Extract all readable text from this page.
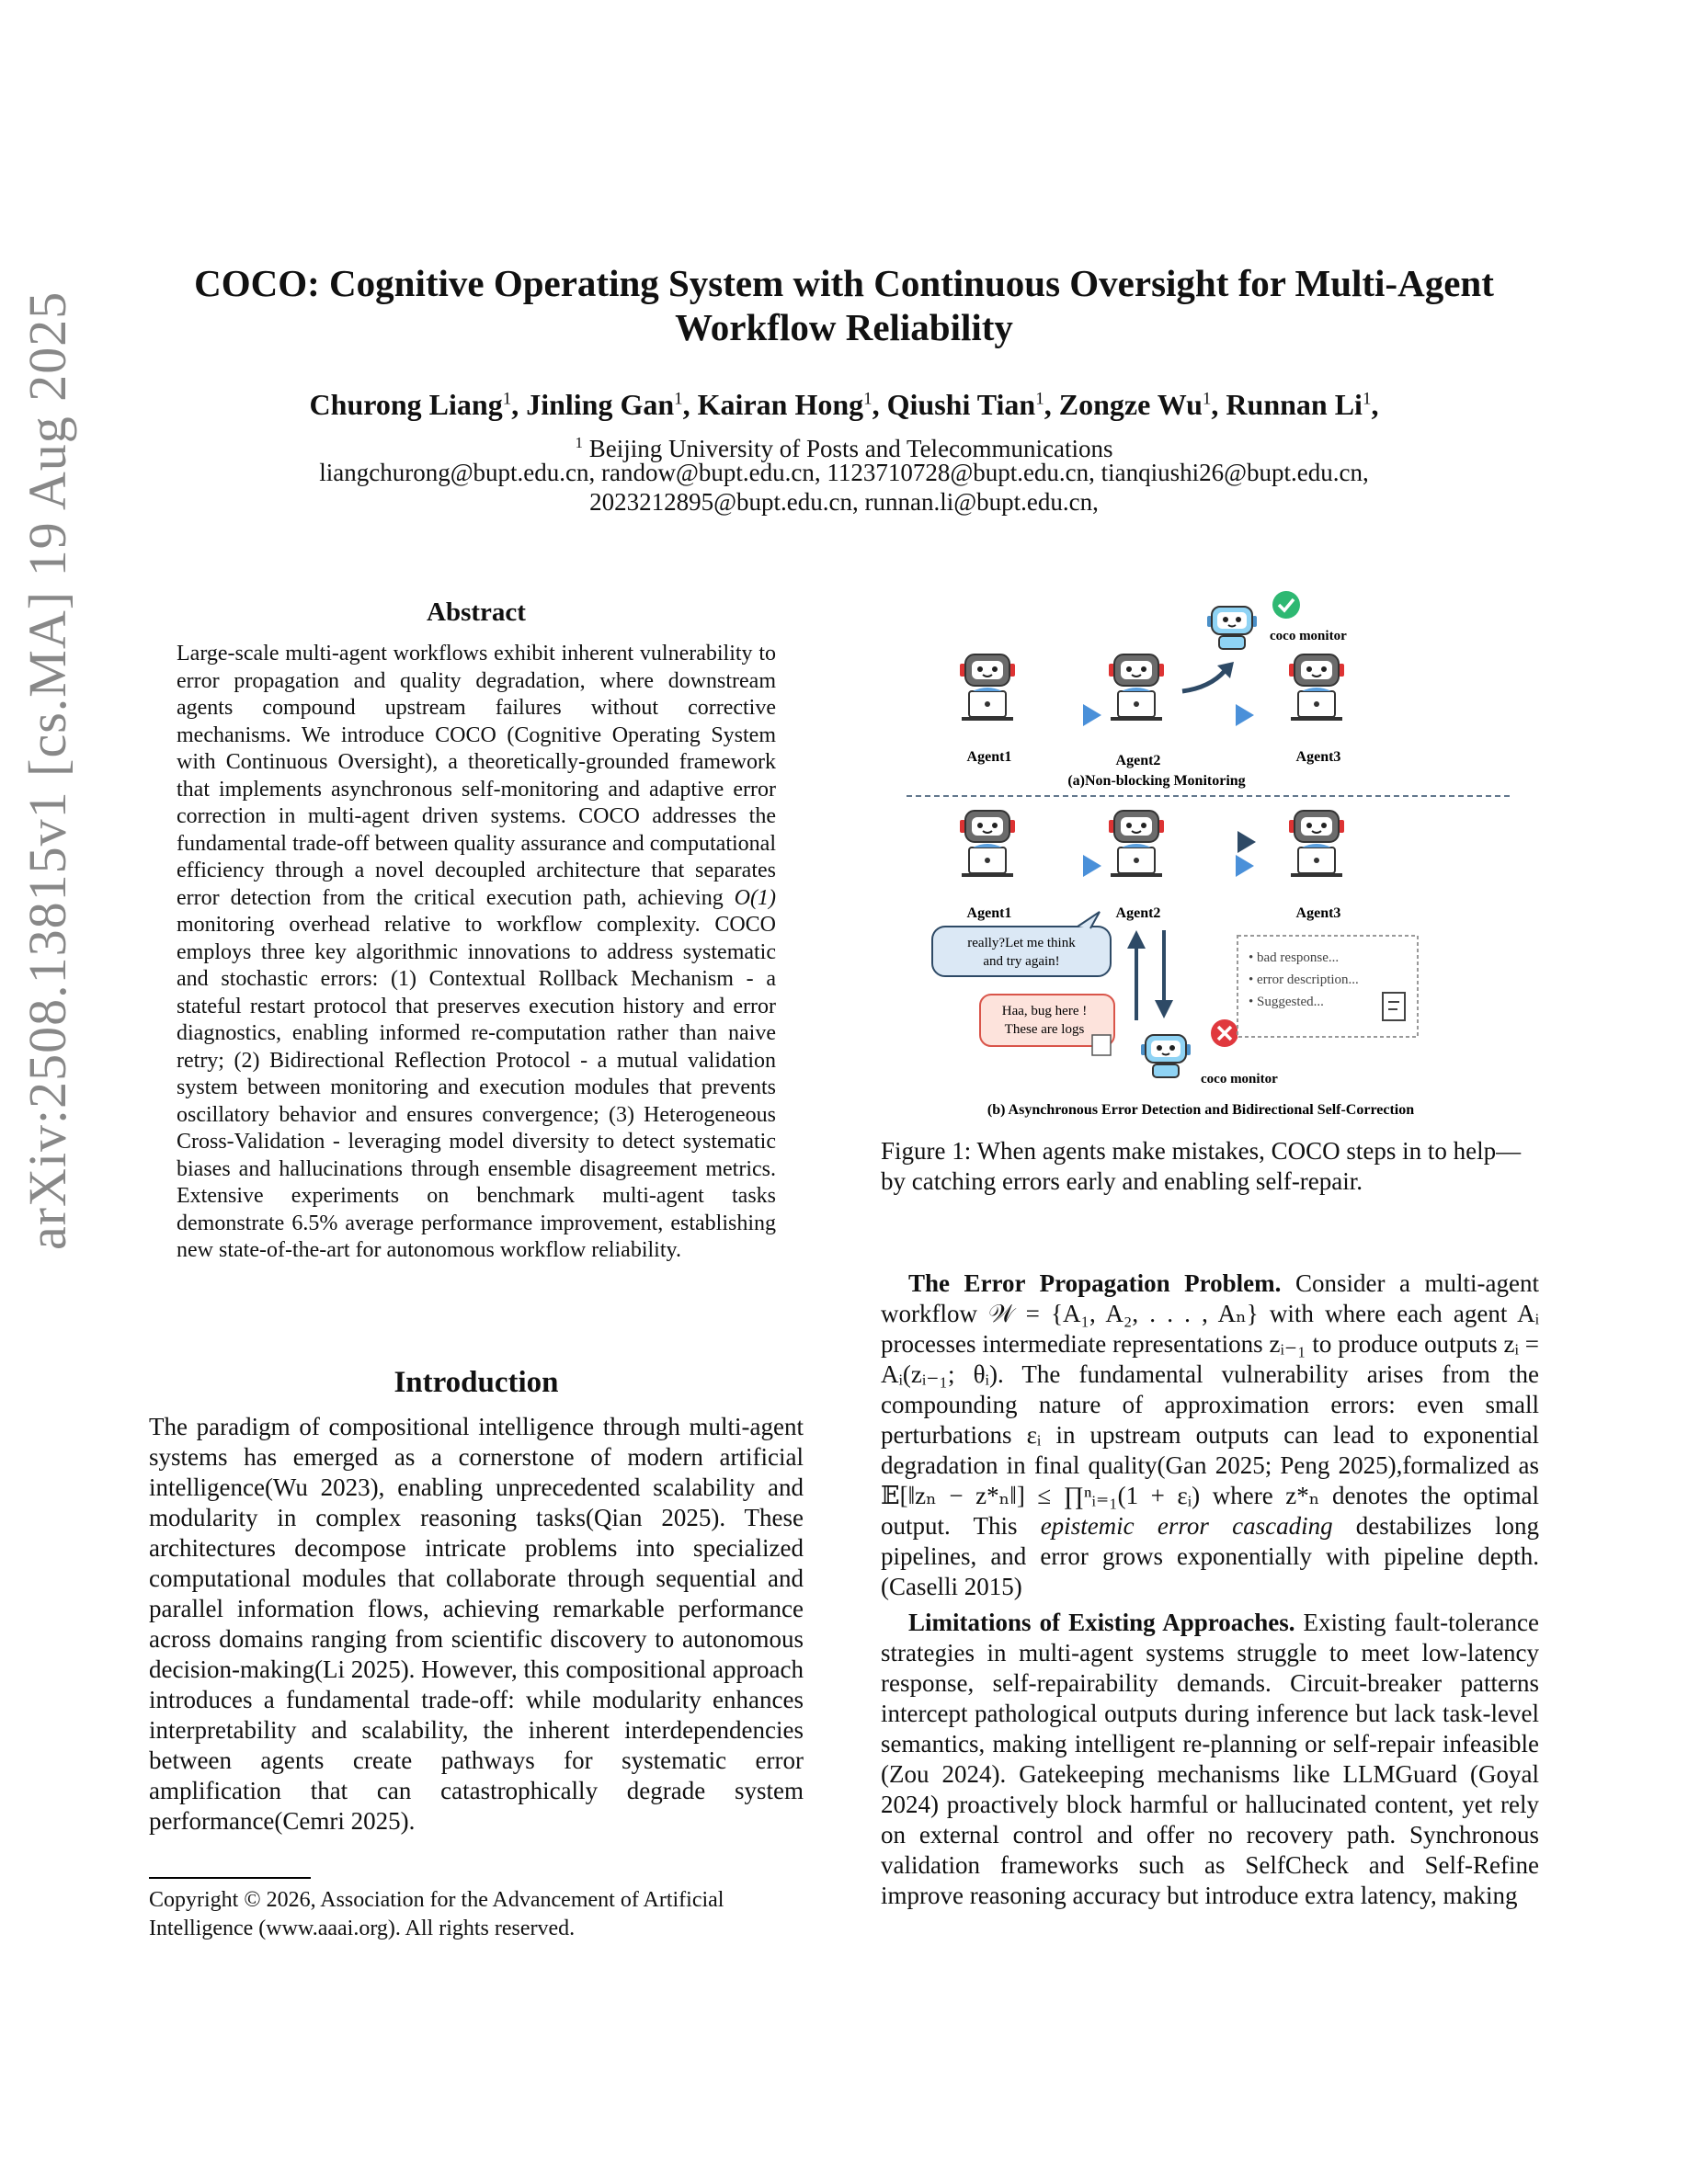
arXiv:2508.13815v1 [cs.MA] 19 Aug 2025
COCO: Cognitive Operating System with Continuous Oversight for Multi-Agent
Workflow Reliability
Churong Liang$^1$, Jinling Gan$^1$, Kairan Hong$^1$, Qiushi Tian$^1$, Zongze Wu$^1$, Runnan Li$^1$,
$^1$ Beijing University of Posts and Telecommunications
liangchurong@bupt.edu.cn, randow@bupt.edu.cn, 1123710728@bupt.edu.cn, tianqiushi26@bupt.edu.cn,
2023212895@bupt.edu.cn, runnan.li@bupt.edu.cn,
Abstract
Large-scale multi-agent workflows exhibit inherent vulnerability to error propagation and quality degradation, where downstream agents compound upstream failures without corrective mechanisms. We introduce COCO (Cognitive Operating System with Continuous Oversight), a theoretically-grounded framework that implements asynchronous self-monitoring and adaptive error correction in multi-agent driven systems. COCO addresses the fundamental trade-off between quality assurance and computational efficiency through a novel decoupled architecture that separates error detection from the critical execution path, achieving O(1) monitoring overhead relative to workflow complexity. COCO employs three key algorithmic innovations to address systematic and stochastic errors: (1) Contextual Rollback Mechanism - a stateful restart protocol that preserves execution history and error diagnostics, enabling informed re-computation rather than naive retry; (2) Bidirectional Reflection Protocol - a mutual validation system between monitoring and execution modules that prevents oscillatory behavior and ensures convergence; (3) Heterogeneous Cross-Validation - leveraging model diversity to detect systematic biases and hallucinations through ensemble disagreement metrics. Extensive experiments on benchmark multi-agent tasks demonstrate 6.5% average performance improvement, establishing new state-of-the-art for autonomous workflow reliability.
Introduction
The paradigm of compositional intelligence through multi-agent systems has emerged as a cornerstone of modern artificial intelligence(Wu 2023), enabling unprecedented scalability and modularity in complex reasoning tasks(Qian 2025). These architectures decompose intricate problems into specialized computational modules that collaborate through sequential and parallel information flows, achieving remarkable performance across domains ranging from scientific discovery to autonomous decision-making(Li 2025). However, this compositional approach introduces a fundamental trade-off: while modularity enhances interpretability and scalability, the inherent interdependencies between agents create pathways for systematic error amplification that can catastrophically degrade system performance(Cemri 2025).
Copyright © 2026, Association for the Advancement of Artificial Intelligence (www.aaai.org). All rights reserved.
coco monitor
Agent1	Agent2	Agent3
(a)Non-blocking Monitoring
Agent1	Agent2	Agent3
really?Let me think
and try again!
Haa, bug here !
These are logs
coco monitor
• bad response...
• error description...
• Suggested...
(b) Asynchronous Error Detection and Bidirectional Self-Correction
Figure 1: When agents make mistakes, COCO steps in to help—by catching errors early and enabling self-repair.

The Error Propagation Problem. Consider a multi-agent workflow 𝒲 = {A₁, A₂, . . . , Aₙ} with where each agent Aᵢ processes intermediate representations zᵢ₋₁ to produce outputs zᵢ = Aᵢ(zᵢ₋₁; θᵢ). The fundamental vulnerability arises from the compounding nature of approximation errors: even small perturbations εᵢ in upstream outputs can lead to exponential degradation in final quality(Gan 2025; Peng 2025),formalized as 𝔼[‖zₙ − z*ₙ‖] ≤ ∏ⁿᵢ₌₁(1 + εᵢ) where z*ₙ denotes the optimal output. This epistemic error cascading destabilizes long pipelines, and error grows exponentially with pipeline depth.(Caselli 2015)

Limitations of Existing Approaches. Existing fault-tolerance strategies in multi-agent systems struggle to meet low-latency response, self-repairability demands. Circuit-breaker patterns intercept pathological outputs during inference but lack task-level semantics, making intelligent re-planning or self-repair infeasible (Zou 2024). Gatekeeping mechanisms like LLMGuard (Goyal 2024) proactively block harmful or hallucinated content, yet rely on external control and offer no recovery path. Synchronous validation frameworks such as SelfCheck and Self-Refine improve reasoning accuracy but introduce extra latency, making
